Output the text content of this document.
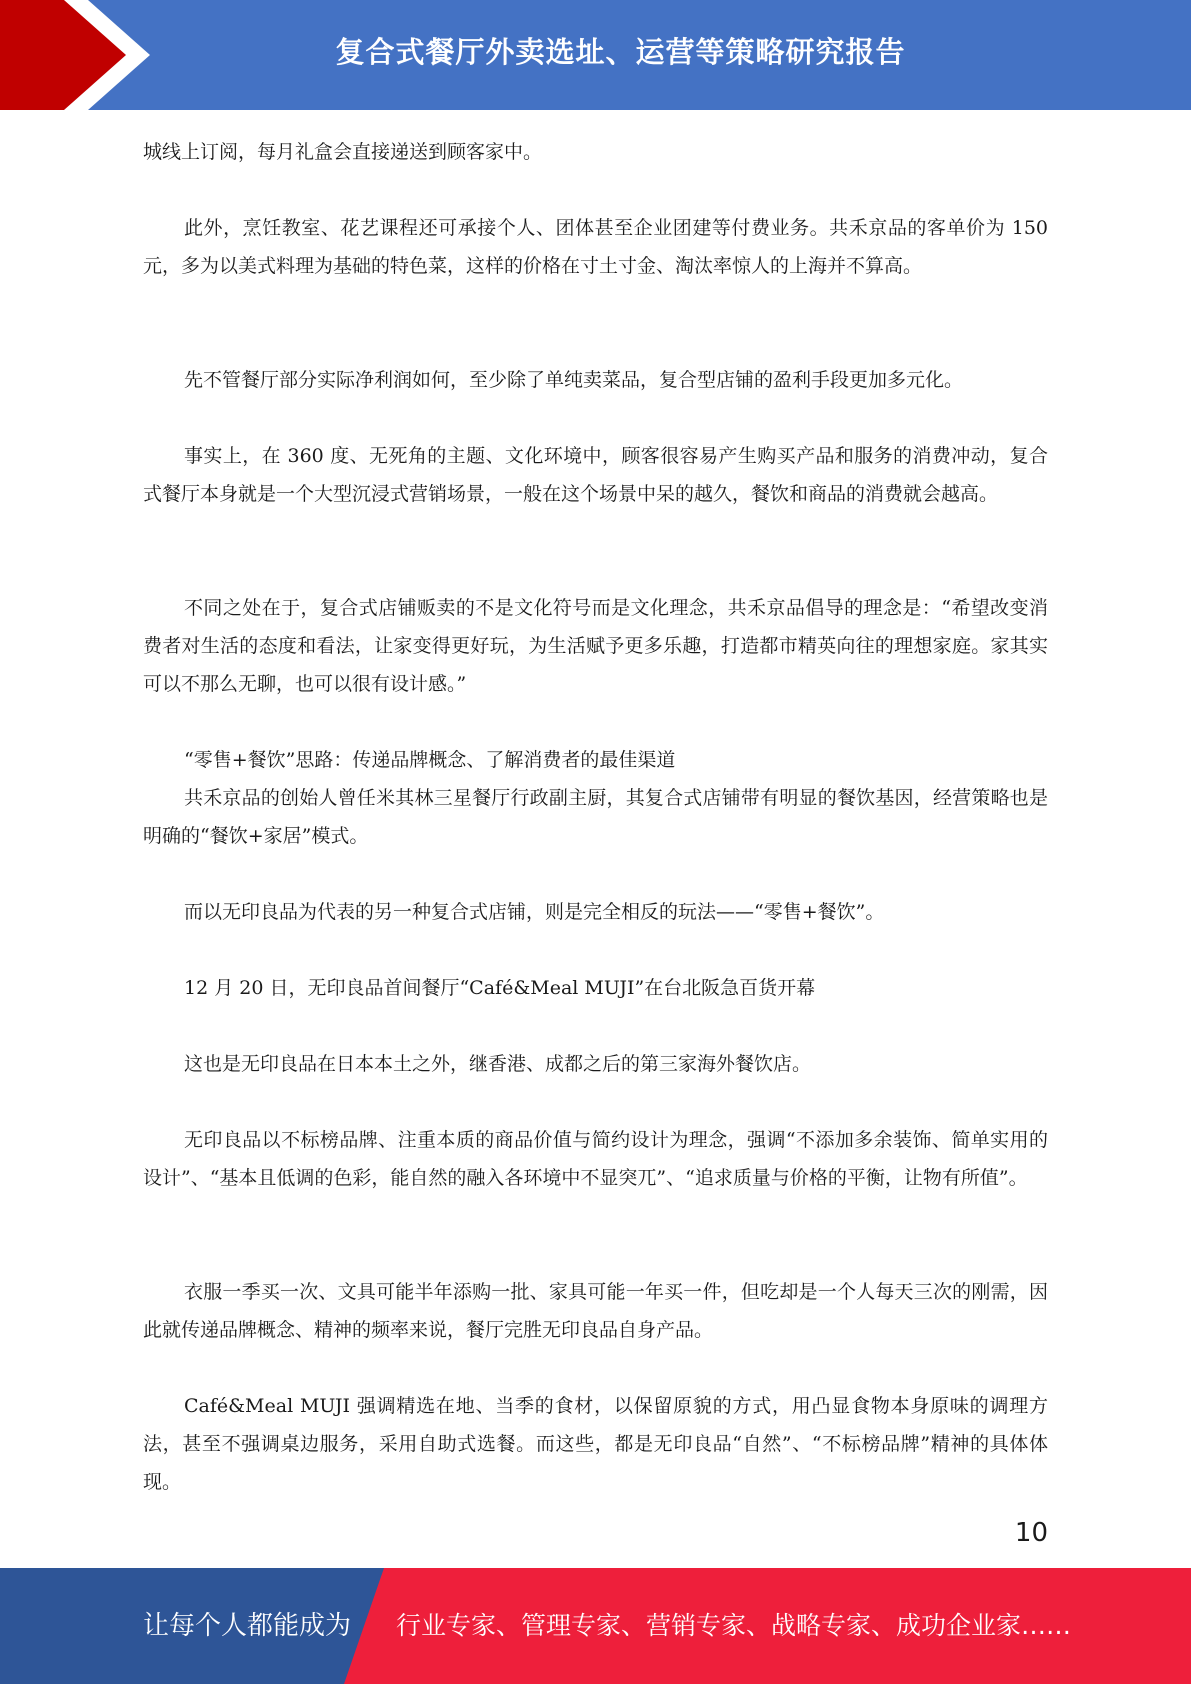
复合式餐厅外卖选址、运营等策略研究报告

城线上订阅，每月礼盒会直接递送到顾客家中。

此外，烹饪教室、花艺课程还可承接个人、团体甚至企业团建等付费业务。共禾京品的客单价为 150 元，多为以美式料理为基础的特色菜，这样的价格在寸土寸金、淘汰率惊人的上海并不算高。

先不管餐厅部分实际净利润如何，至少除了单纯卖菜品，复合型店铺的盈利手段更加多元化。

事实上，在 360 度、无死角的主题、文化环境中，顾客很容易产生购买产品和服务的消费冲动，复合式餐厅本身就是一个大型沉浸式营销场景，一般在这个场景中呆的越久，餐饮和商品的消费就会越高。

不同之处在于，复合式店铺贩卖的不是文化符号而是文化理念，共禾京品倡导的理念是：“希望改变消费者对生活的态度和看法，让家变得更好玩，为生活赋予更多乐趣，打造都市精英向往的理想家庭。家其实可以不那么无聊，也可以很有设计感。”

“零售+餐饮”思路：传递品牌概念、了解消费者的最佳渠道

共禾京品的创始人曾任米其林三星餐厅行政副主厨，其复合式店铺带有明显的餐饮基因，经营策略也是明确的“餐饮+家居”模式。

而以无印良品为代表的另一种复合式店铺，则是完全相反的玩法——“零售+餐饮”。

12 月 20 日，无印良品首间餐厅“Café&Meal MUJI”在台北阪急百货开幕

这也是无印良品在日本本土之外，继香港、成都之后的第三家海外餐饮店。

无印良品以不标榜品牌、注重本质的商品价值与简约设计为理念，强调“不添加多余装饰、简单实用的设计”、“基本且低调的色彩，能自然的融入各环境中不显突兀”、“追求质量与价格的平衡，让物有所值”。

衣服一季买一次、文具可能半年添购一批、家具可能一年买一件，但吃却是一个人每天三次的刚需，因此就传递品牌概念、精神的频率来说，餐厅完胜无印良品自身产品。

Café&Meal MUJI 强调精选在地、当季的食材，以保留原貌的方式，用凸显食物本身原味的调理方法，甚至不强调桌边服务，采用自助式选餐。而这些，都是无印良品“自然”、“不标榜品牌”精神的具体体现。

10
让每个人都能成为 行业专家、管理专家、营销专家、战略专家、成功企业家……
